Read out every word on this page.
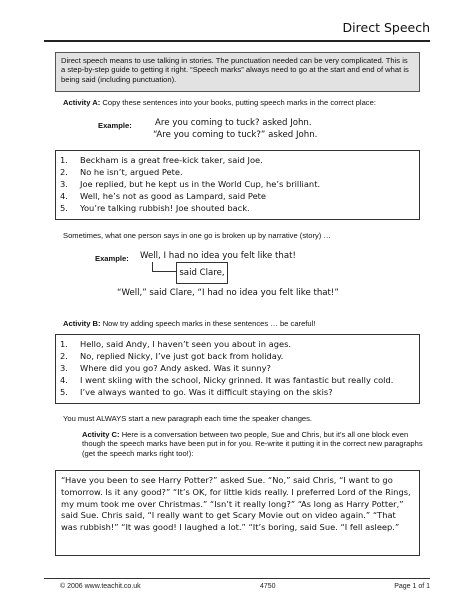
Direct Speech
Direct speech means to use talking in stories. The punctuation needed can be very complicated. This is a step-by-step guide to getting it right. “Speech marks” always need to go at the start and end of what is being said (including punctuation).
Activity A: Copy these sentences into your books, putting speech marks in the correct place:
Example:	Are you coming to tuck? asked John.
“Are you coming to tuck?” asked John.
1.	Beckham is a great free-kick taker, said Joe.
2.	No he isn’t, argued Pete.
3.	Joe replied, but he kept us in the World Cup, he’s brilliant.
4.	Well, he’s not as good as Lampard, said Pete
5.	You’re talking rubbish! Joe shouted back.
Sometimes, what one person says in one go is broken up by narrative (story) …
Example: Well, I had no idea you felt like that!
said Clare,
“Well,” said Clare, “I had no idea you felt like that!”
Activity B: Now try adding speech marks in these sentences … be careful!
1.	Hello, said Andy, I haven’t seen you about in ages.
2.	No, replied Nicky, I’ve just got back from holiday.
3.	Where did you go? Andy asked. Was it sunny?
4.	I went skiing with the school, Nicky grinned. It was fantastic but really cold.
5.	I’ve always wanted to go. Was it difficult staying on the skis?
You must ALWAYS start a new paragraph each time the speaker changes.
Activity C: Here is a conversation between two people, Sue and Chris, but it’s all one block even though the speech marks have been put in for you. Re-write it putting it in the correct new paragraphs (get the speech marks right too!):
“Have you been to see Harry Potter?” asked Sue. “No,” said Chris, “I want to go tomorrow. Is it any good?” “It’s OK, for little kids really. I preferred Lord of the Rings, my mum took me over Christmas.” “Isn’t it really long?” “As long as Harry Potter,” said Sue. Chris said, “I really want to get Scary Movie out on video again.” “That was rubbish!” “It was good! I laughed a lot.” “It’s boring, said Sue. “I fell asleep.”
© 2006 www.teachit.co.uk	4750	Page 1 of 1
